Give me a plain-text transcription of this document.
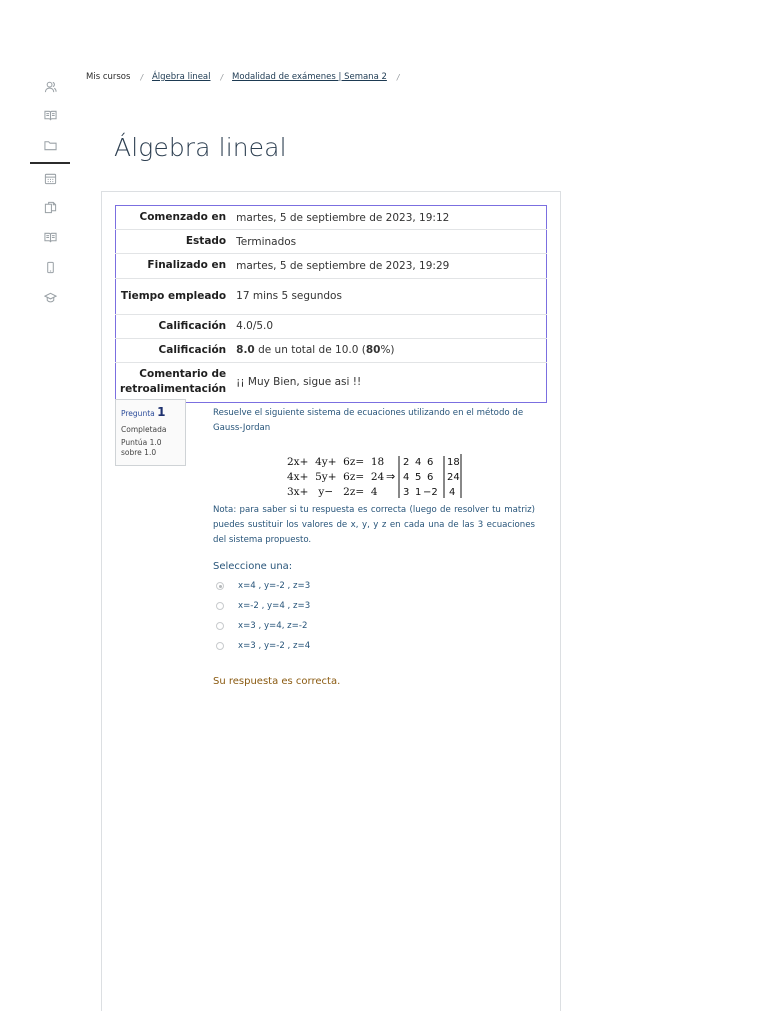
Mis cursos / Álgebra lineal / Modalidad de exámenes | Semana 2 /
Álgebra lineal
Comenzado en	martes, 5 de septiembre de 2023, 19:12
Estado	Terminados
Finalizado en	martes, 5 de septiembre de 2023, 19:29
Tiempo empleado	17 mins 5 segundos
Calificación	4.0/5.0
Calificación	8.0 de un total de 10.0 (80%)
Comentario de retroalimentación	¡¡ Muy Bien, sigue asi !!
Pregunta 1
Completada
Puntúa 1.0 sobre 1.0
Resuelve el siguiente sistema de ecuaciones utilizando en el método de Gauss-Jordan
2x+  4y+  6z=  18
4x+  5y+  6z=  24
3x+   y−   2z=  4
⇒
2 4 6 18
4 5 6 24
3 1 −2 4
Nota: para saber si tu respuesta es correcta (luego de resolver tu matriz) puedes sustituir los valores de x, y, y z en cada una de las 3 ecuaciones del sistema propuesto.
Seleccione una:
x=4 , y=-2 , z=3
x=-2 , y=4 , z=3
x=3 , y=4, z=-2
x=3 , y=-2 , z=4
Su respuesta es correcta.
